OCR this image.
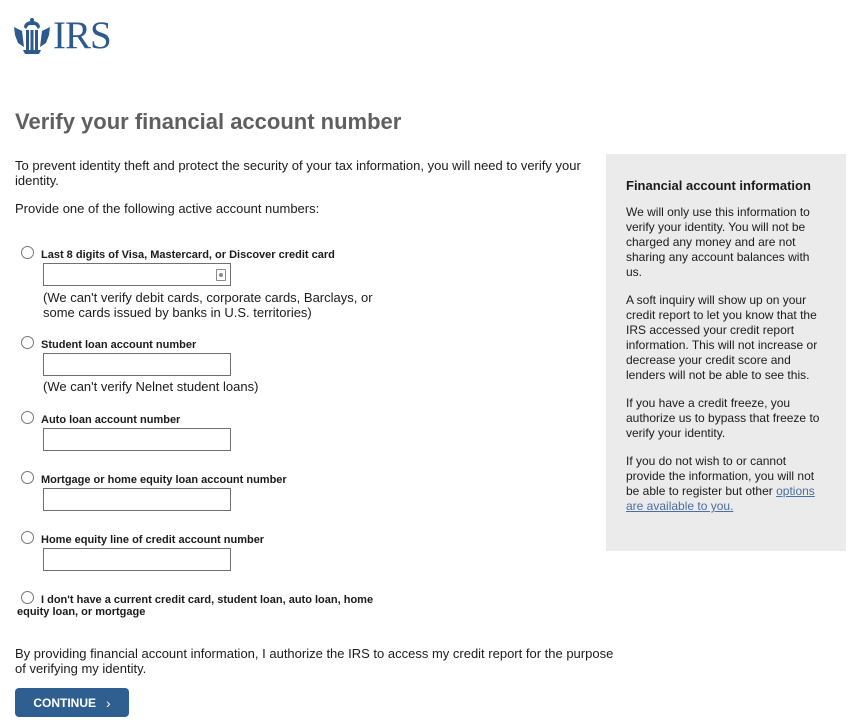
IRS
Verify your financial account number

To prevent identity theft and protect the security of your tax information, you will need to verify your identity.

Provide one of the following active account numbers:

Last 8 digits of Visa, Mastercard, or Discover credit card
(We can't verify debit cards, corporate cards, Barclays, or
some cards issued by banks in U.S. territories)
Student loan account number
(We can't verify Nelnet student loans)
Auto loan account number
Mortgage or home equity loan account number
Home equity line of credit account number
I don't have a current credit card, student loan, auto loan, home
equity loan, or mortgage

By providing financial account information, I authorize the IRS to access my credit report for the purpose of verifying my identity.

CONTINUE ›

Financial account information

We will only use this information to verify your identity. You will not be charged any money and are not sharing any account balances with us.

A soft inquiry will show up on your credit report to let you know that the IRS accessed your credit report information. This will not increase or decrease your credit score and lenders will not be able to see this.

If you have a credit freeze, you authorize us to bypass that freeze to verify your identity.

If you do not wish to or cannot provide the information, you will not be able to register but other options are available to you.
